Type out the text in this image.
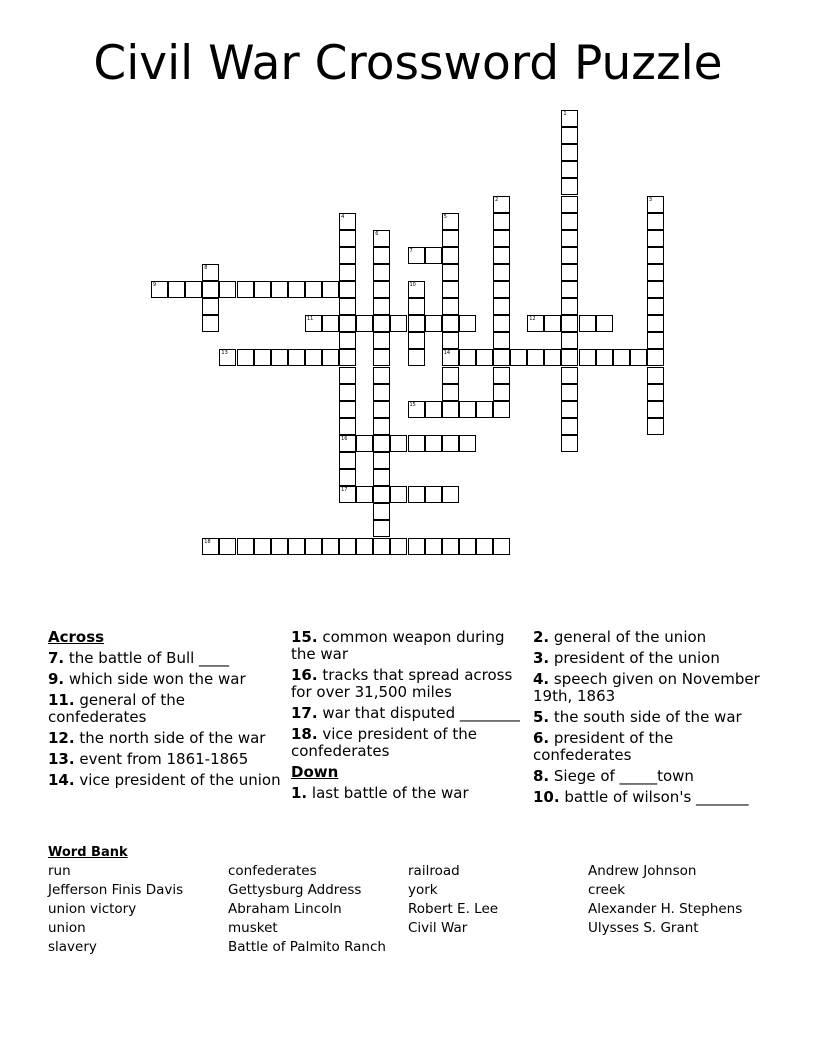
Civil War Crossword Puzzle
1
2	3
4
16
17
5
14
6
7
8
9	10
11	12
13
15
18
Across
7. the battle of Bull ____
9. which side won the war
11. general of the confederates
12. the north side of the war
13. event from 1861-1865
14. vice president of the union
15. common weapon during the war
16. tracks that spread across for over 31,500 miles
17. war that disputed ________
18. vice president of the confederates
Down
1. last battle of the war
2. general of the union
3. president of the union
4. speech given on November 19th, 1863
5. the south side of the war
6. president of the confederates
8. Siege of _____town
10. battle of wilson's _______
Word Bank
run
Jefferson Finis Davis
union victory
union
slavery
confederates
Gettysburg Address
Abraham Lincoln
musket
Battle of Palmito Ranch
railroad
york
Robert E. Lee
Civil War
Andrew Johnson
creek
Alexander H. Stephens
Ulysses S. Grant
